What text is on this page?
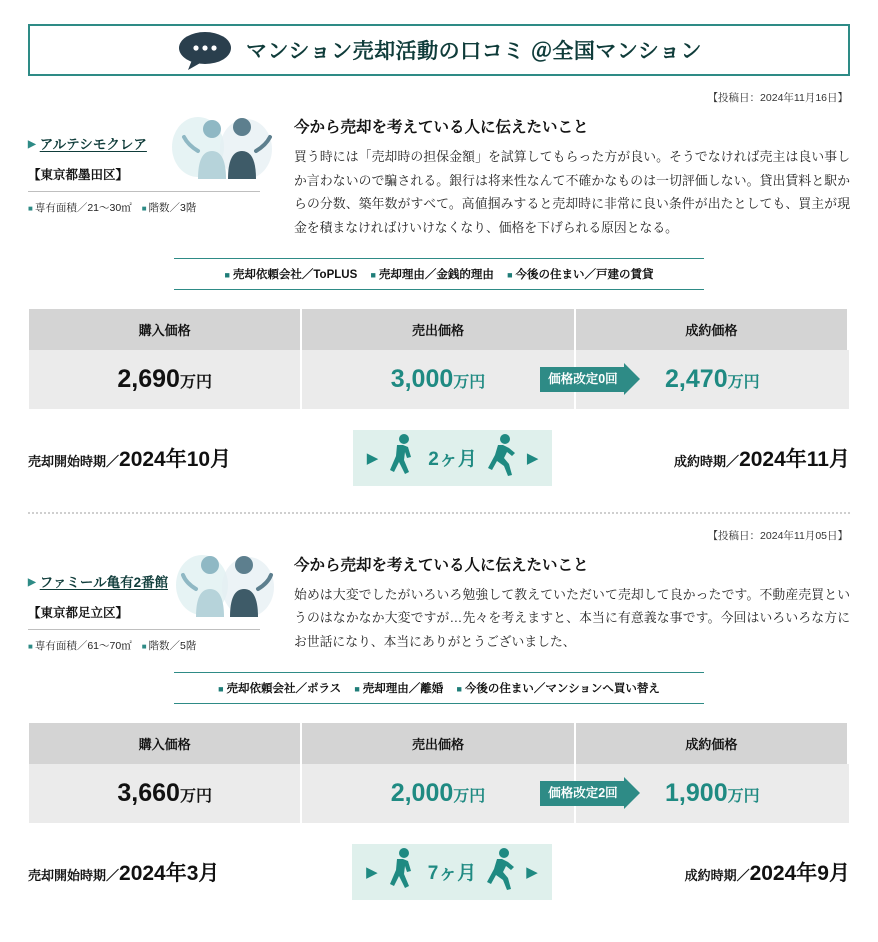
マンション売却活動の口コミ ＠全国マンション
【投稿日：2024年11月16日】
▶ アルテシモクレア
【東京都墨田区】
■ 専有面積／21〜30㎡ ■ 階数／3階
今から売却を考えている人に伝えたいこと
買う時には「売却時の担保金額」を試算してもらった方が良い。そうでなければ売主は良い事しか言わないので騙される。銀行は将来性なんて不確かなものは一切評価しない。貸出賃料と駅からの分数、築年数がすべて。高値掴みすると売却時に非常に良い条件が出たとしても、買主が現金を積まなければけいけなくなり、価格を下げられる原因となる。
■ 売却依頼会社／ToPLUS ■ 売却理由／金銭的理由 ■ 今後の住まい／戸建の賃貸
購入価格	売出価格	成約価格
2,690万円	3,000万円	価格改定0回	2,470万円
売却開始時期／ 2024年10月	▶	2ヶ月	▶	成約時期／ 2024年11月
【投稿日：2024年11月05日】
▶ ファミール亀有2番館
【東京都足立区】
■ 専有面積／61〜70㎡ ■ 階数／5階
今から売却を考えている人に伝えたいこと
始めは大変でしたがいろいろ勉強して教えていただいて売却して良かったです。不動産売買というのはなかなか大変ですが…先々を考えますと、本当に有意義な事です。今回はいろいろな方にお世話になり、本当にありがとうございました、
■ 売却依頼会社／ポラス ■ 売却理由／離婚 ■ 今後の住まい／マンションへ買い替え
購入価格	売出価格	成約価格
3,660万円	2,000万円	価格改定2回	1,900万円
売却開始時期／ 2024年3月	▶	7ヶ月	▶	成約時期／ 2024年9月
